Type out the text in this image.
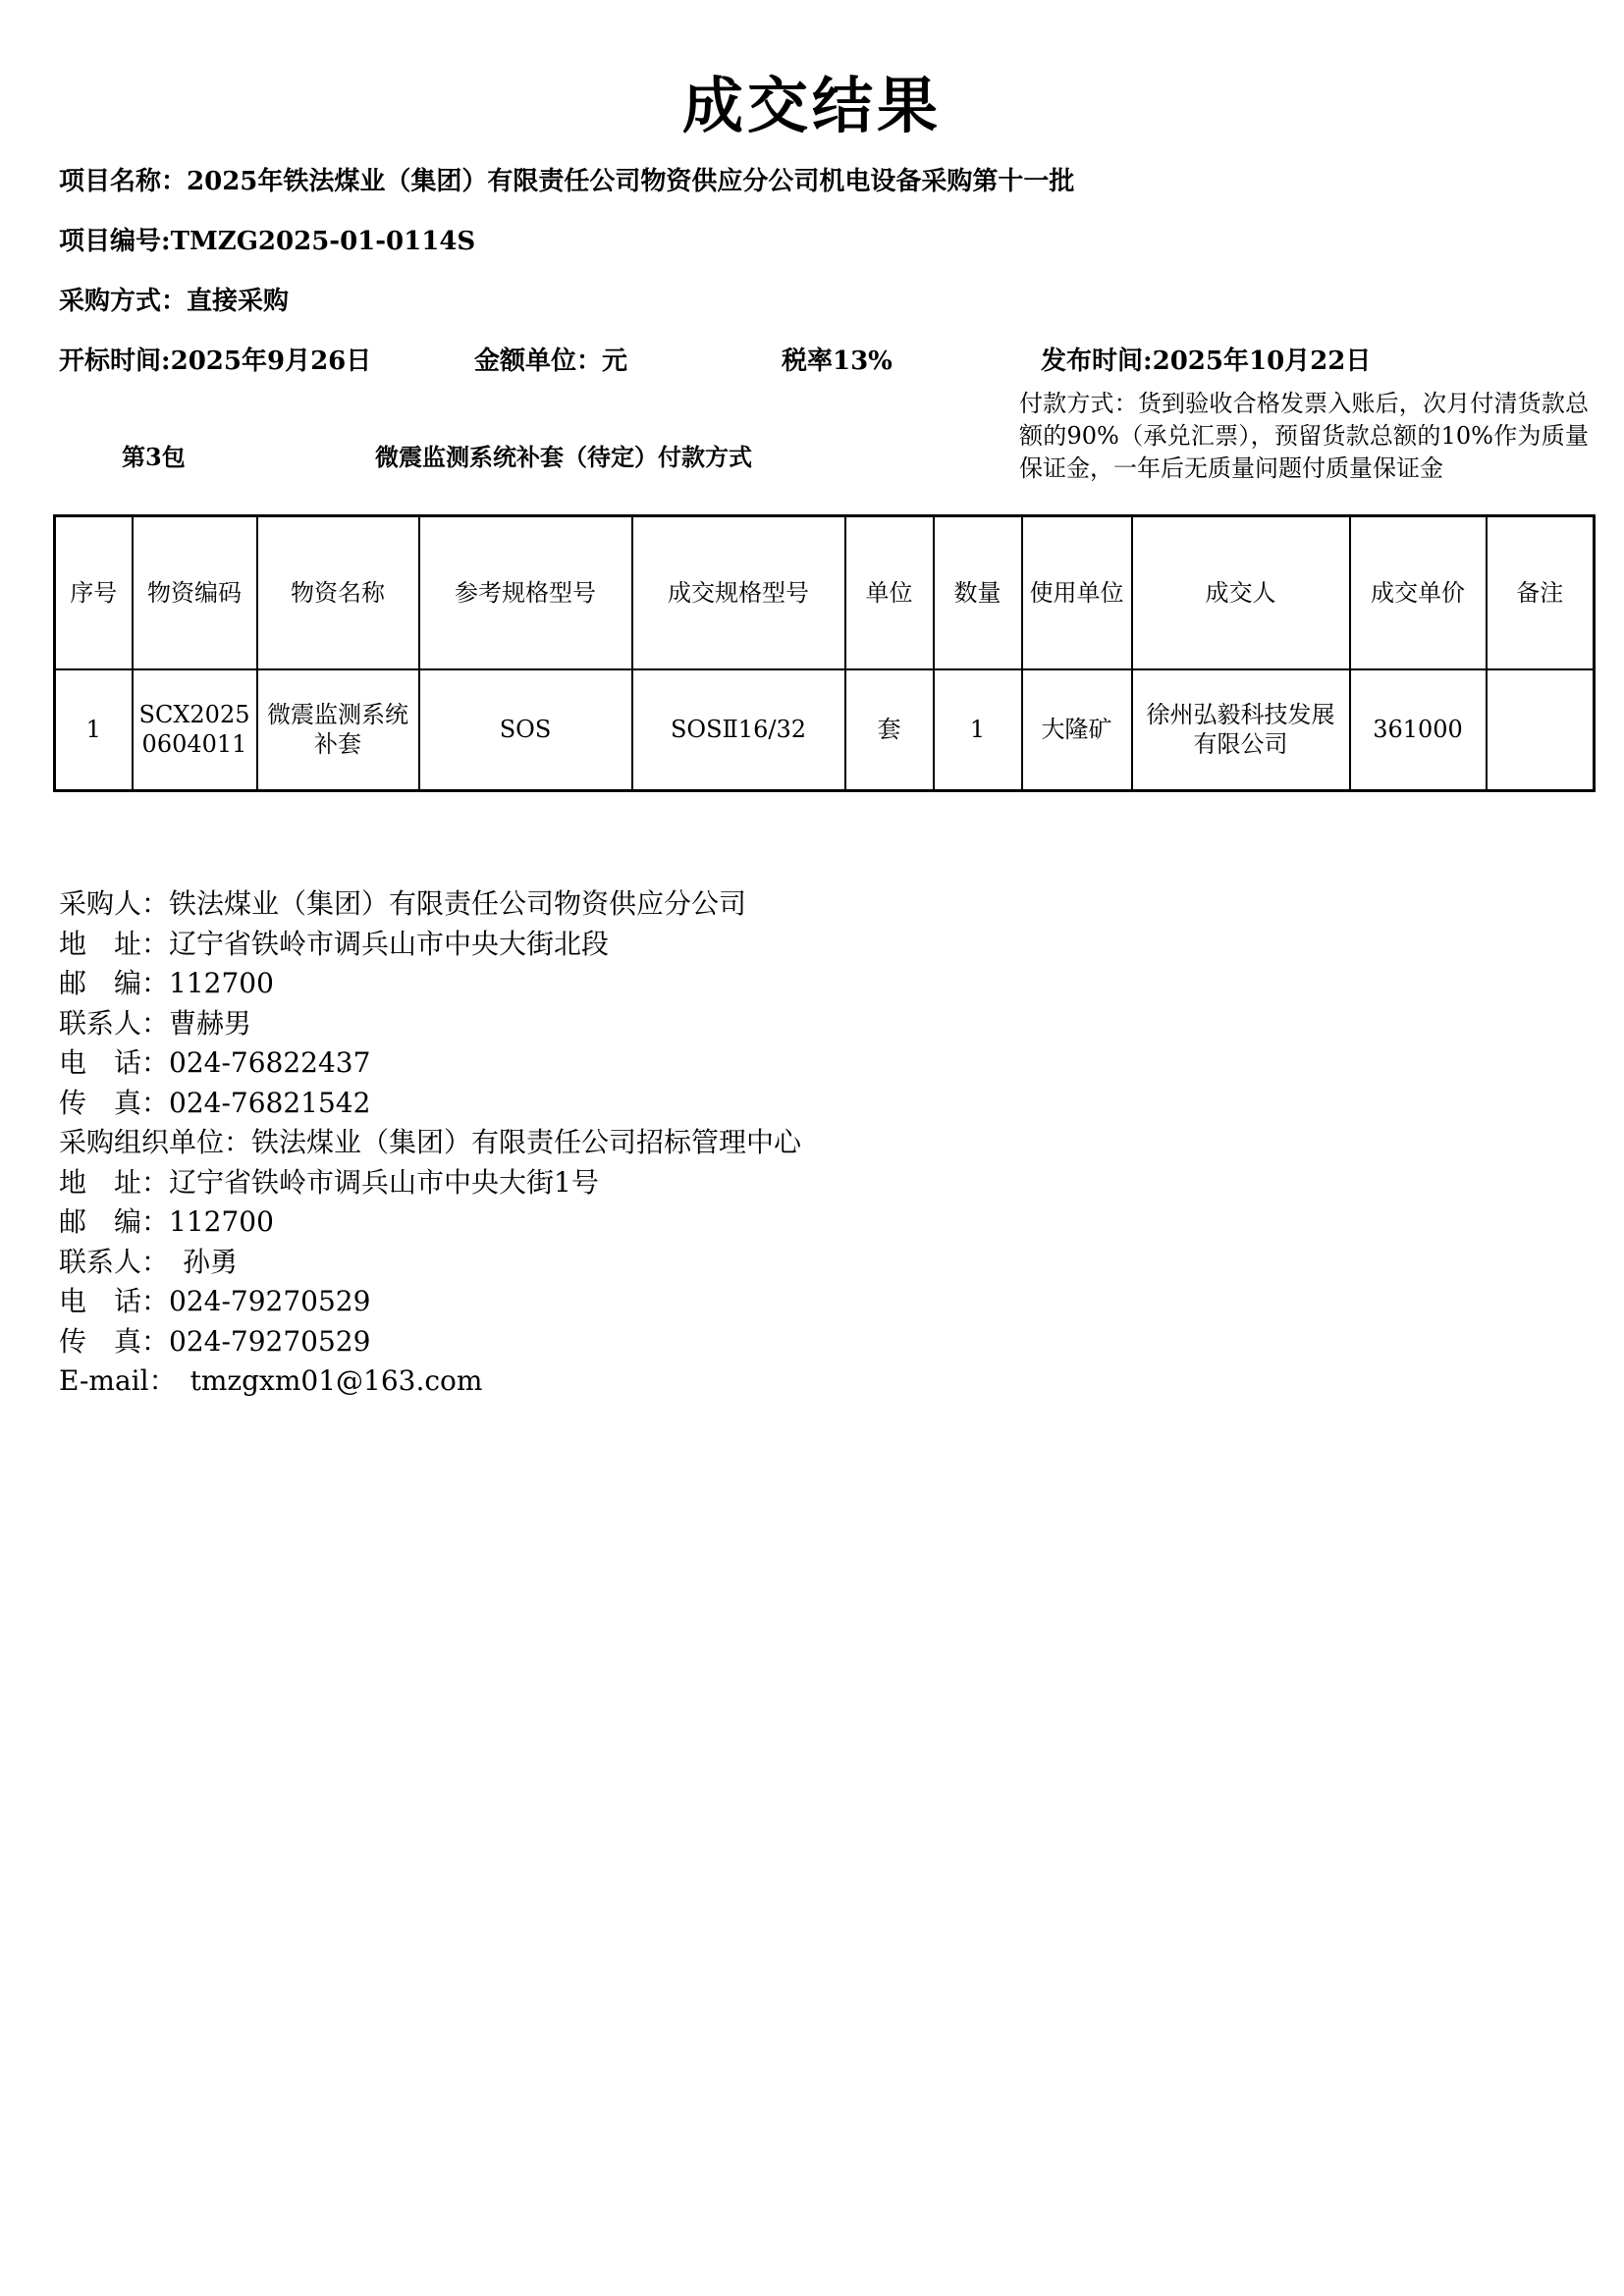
成交结果
项目名称：2025年铁法煤业（集团）有限责任公司物资供应分公司机电设备采购第十一批
项目编号:TMZG2025-01-0114S
采购方式：直接采购
开标时间:2025年9月26日	金额单位：元	税率13%	发布时间:2025年10月22日
第3包	微震监测系统补套（待定）付款方式
付款方式：货到验收合格发票入账后，次月付清货款总额的90%（承兑汇票），预留货款总额的10%作为质量保证金，一年后无质量问题付质量保证金
序号	物资编码	物资名称	参考规格型号	成交规格型号	单位	数量	使用单位	成交人	成交单价	备注
1	SCX20250604011	微震监测系统补套	SOS	SOSⅡ16/32	套	1	大隆矿	徐州弘毅科技发展有限公司	361000	
采购人：铁法煤业（集团）有限责任公司物资供应分公司
地　址：辽宁省铁岭市调兵山市中央大街北段
邮　编：112700
联系人：曹赫男
电　话：024-76822437
传　真：024-76821542
采购组织单位：铁法煤业（集团）有限责任公司招标管理中心
地　址：辽宁省铁岭市调兵山市中央大街1号
邮　编：112700
联系人：　孙勇
电　话：024-79270529
传　真：024-79270529
E-mail：　tmzgxm01@163.com
